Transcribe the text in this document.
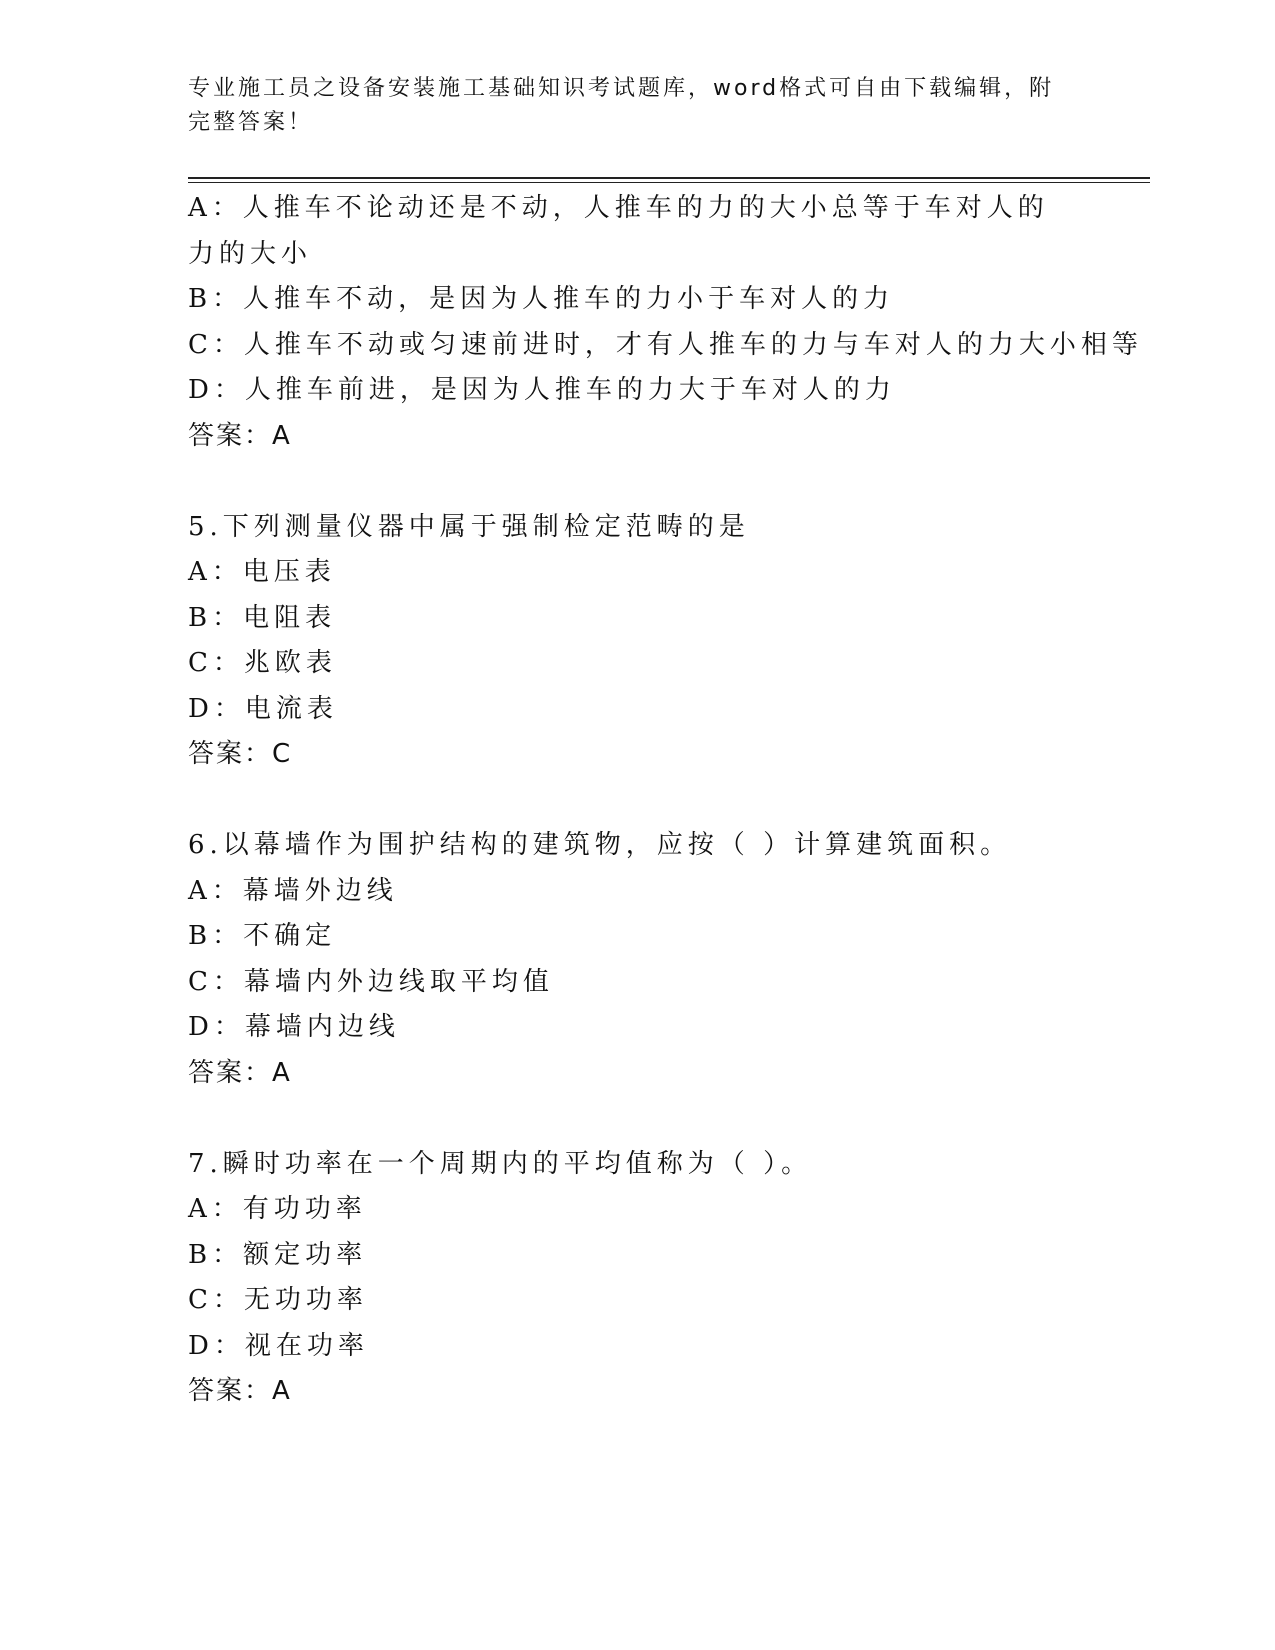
专业施工员之设备安装施工基础知识考试题库，word格式可自由下载编辑，附完整答案！
A：人推车不论动还是不动，人推车的力的大小总等于车对人的力的大小
B：人推车不动，是因为人推车的力小于车对人的力
C：人推车不动或匀速前进时，才有人推车的力与车对人的力大小相等
D：人推车前进，是因为人推车的力大于车对人的力
答案：A
5.下列测量仪器中属于强制检定范畴的是
A：电压表
B：电阻表
C：兆欧表
D：电流表
答案：C
6.以幕墙作为围护结构的建筑物，应按（ ）计算建筑面积。
A：幕墙外边线
B：不确定
C：幕墙内外边线取平均值
D：幕墙内边线
答案：A
7.瞬时功率在一个周期内的平均值称为（ ）。
A：有功功率
B：额定功率
C：无功功率
D：视在功率
答案：A
